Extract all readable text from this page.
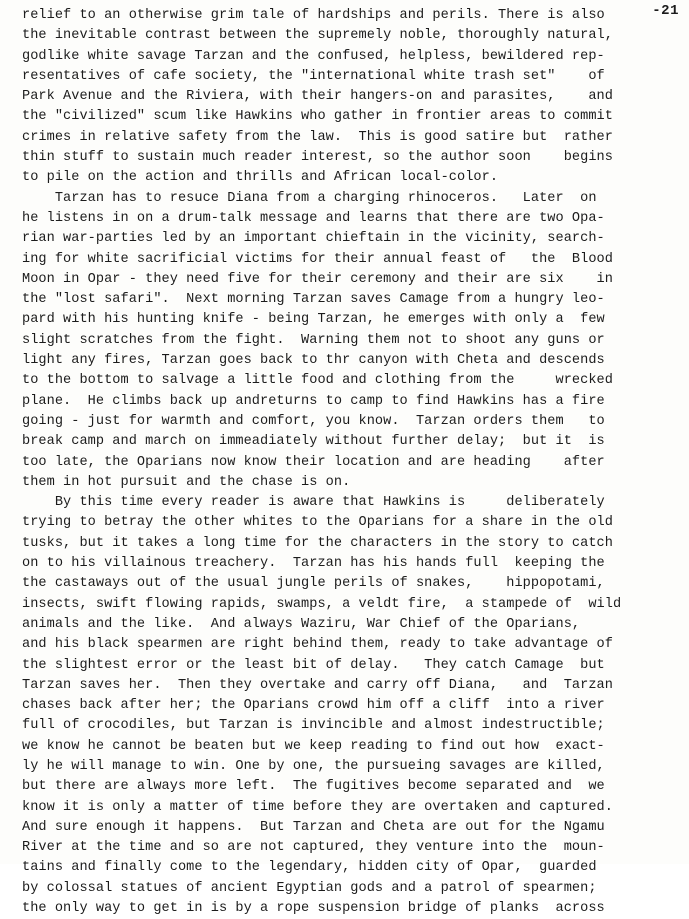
-21
relief to an otherwise grim tale of hardships and perils. There is also
the inevitable contrast between the supremely noble, thoroughly natural,
godlike white savage Tarzan and the confused, helpless, bewildered rep-
resentatives of cafe society, the "international white trash set"    of
Park Avenue and the Riviera, with their hangers-on and parasites,    and
the "civilized" scum like Hawkins who gather in frontier areas to commit
crimes in relative safety from the law.  This is good satire but  rather
thin stuff to sustain much reader interest, so the author soon    begins
to pile on the action and thrills and African local-color.
Tarzan has to resuce Diana from a charging rhinoceros.   Later  on
he listens in on a drum-talk message and learns that there are two Opa-
rian war-parties led by an important chieftain in the vicinity, search-
ing for white sacrificial victims for their annual feast of   the  Blood
Moon in Opar - they need five for their ceremony and their are six    in
the "lost safari".  Next morning Tarzan saves Camage from a hungry leo-
pard with his hunting knife - being Tarzan, he emerges with only a  few
slight scratches from the fight.  Warning them not to shoot any guns or
light any fires, Tarzan goes back to thr canyon with Cheta and descends
to the bottom to salvage a little food and clothing from the     wrecked
plane.  He climbs back up andreturns to camp to find Hawkins has a fire
going - just for warmth and comfort, you know.  Tarzan orders them   to
break camp and march on immeadiately without further delay;  but it  is
too late, the Oparians now know their location and are heading    after
them in hot pursuit and the chase is on.
By this time every reader is aware that Hawkins is     deliberately
trying to betray the other whites to the Oparians for a share in the old
tusks, but it takes a long time for the characters in the story to catch
on to his villainous treachery.  Tarzan has his hands full  keeping the
the castaways out of the usual jungle perils of snakes,    hippopotami,
insects, swift flowing rapids, swamps, a veldt fire,  a stampede of  wild
animals and the like.  And always Waziru, War Chief of the Oparians,
and his black spearmen are right behind them, ready to take advantage of
the slightest error or the least bit of delay.   They catch Camage  but
Tarzan saves her.  Then they overtake and carry off Diana,   and  Tarzan
chases back after her; the Oparians crowd him off a cliff  into a river
full of crocodiles, but Tarzan is invincible and almost indestructible;
we know he cannot be beaten but we keep reading to find out how  exact-
ly he will manage to win. One by one, the pursueing savages are killed,
but there are always more left.  The fugitives become separated and  we
know it is only a matter of time before they are overtaken and captured.
And sure enough it happens.  But Tarzan and Cheta are out for the Ngamu
River at the time and so are not captured, they venture into the  moun-
tains and finally come to the legendary, hidden city of Opar,  guarded
by colossal statues of ancient Egyptian gods and a patrol of spearmen;
the only way to get in is by a rope suspension bridge of planks  across
